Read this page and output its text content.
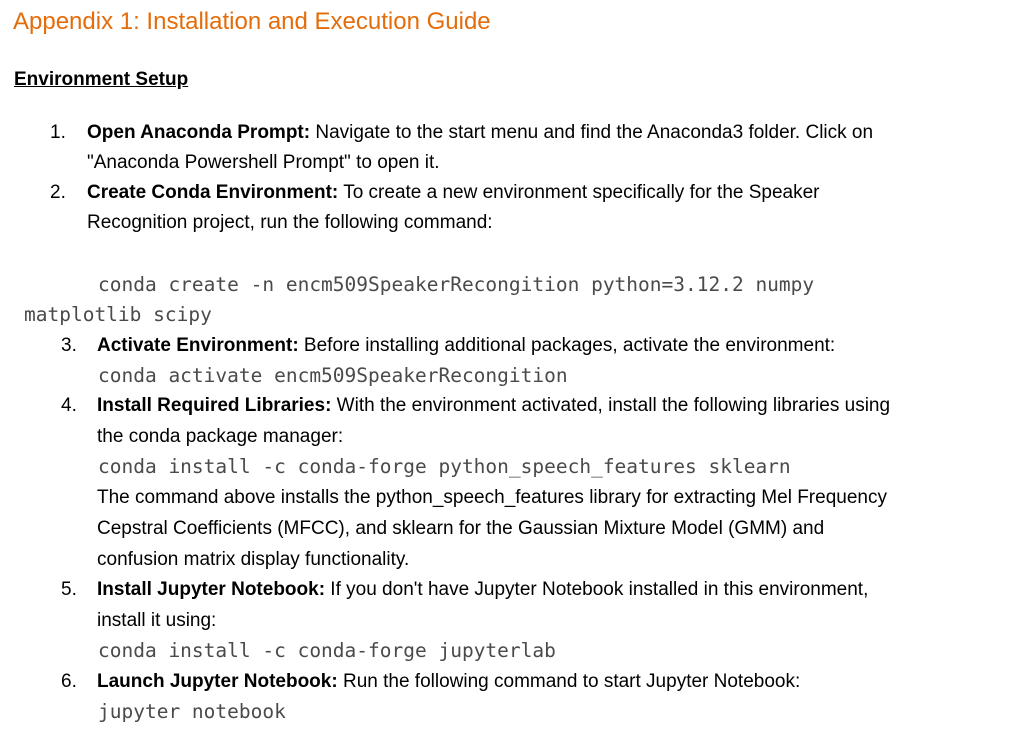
Appendix 1: Installation and Execution Guide
Environment Setup
1. Open Anaconda Prompt: Navigate to the start menu and find the Anaconda3 folder. Click on
"Anaconda Powershell Prompt" to open it.
2. Create Conda Environment: To create a new environment specifically for the Speaker
Recognition project, run the following command:
conda create -n encm509SpeakerRecongition python=3.12.2 numpy
matplotlib scipy
3. Activate Environment: Before installing additional packages, activate the environment:
conda activate encm509SpeakerRecongition
4. Install Required Libraries: With the environment activated, install the following libraries using
the conda package manager:
conda install -c conda-forge python_speech_features sklearn
The command above installs the python_speech_features library for extracting Mel Frequency
Cepstral Coefficients (MFCC), and sklearn for the Gaussian Mixture Model (GMM) and
confusion matrix display functionality.
5. Install Jupyter Notebook: If you don't have Jupyter Notebook installed in this environment,
install it using:
conda install -c conda-forge jupyterlab
6. Launch Jupyter Notebook: Run the following command to start Jupyter Notebook:
jupyter notebook
